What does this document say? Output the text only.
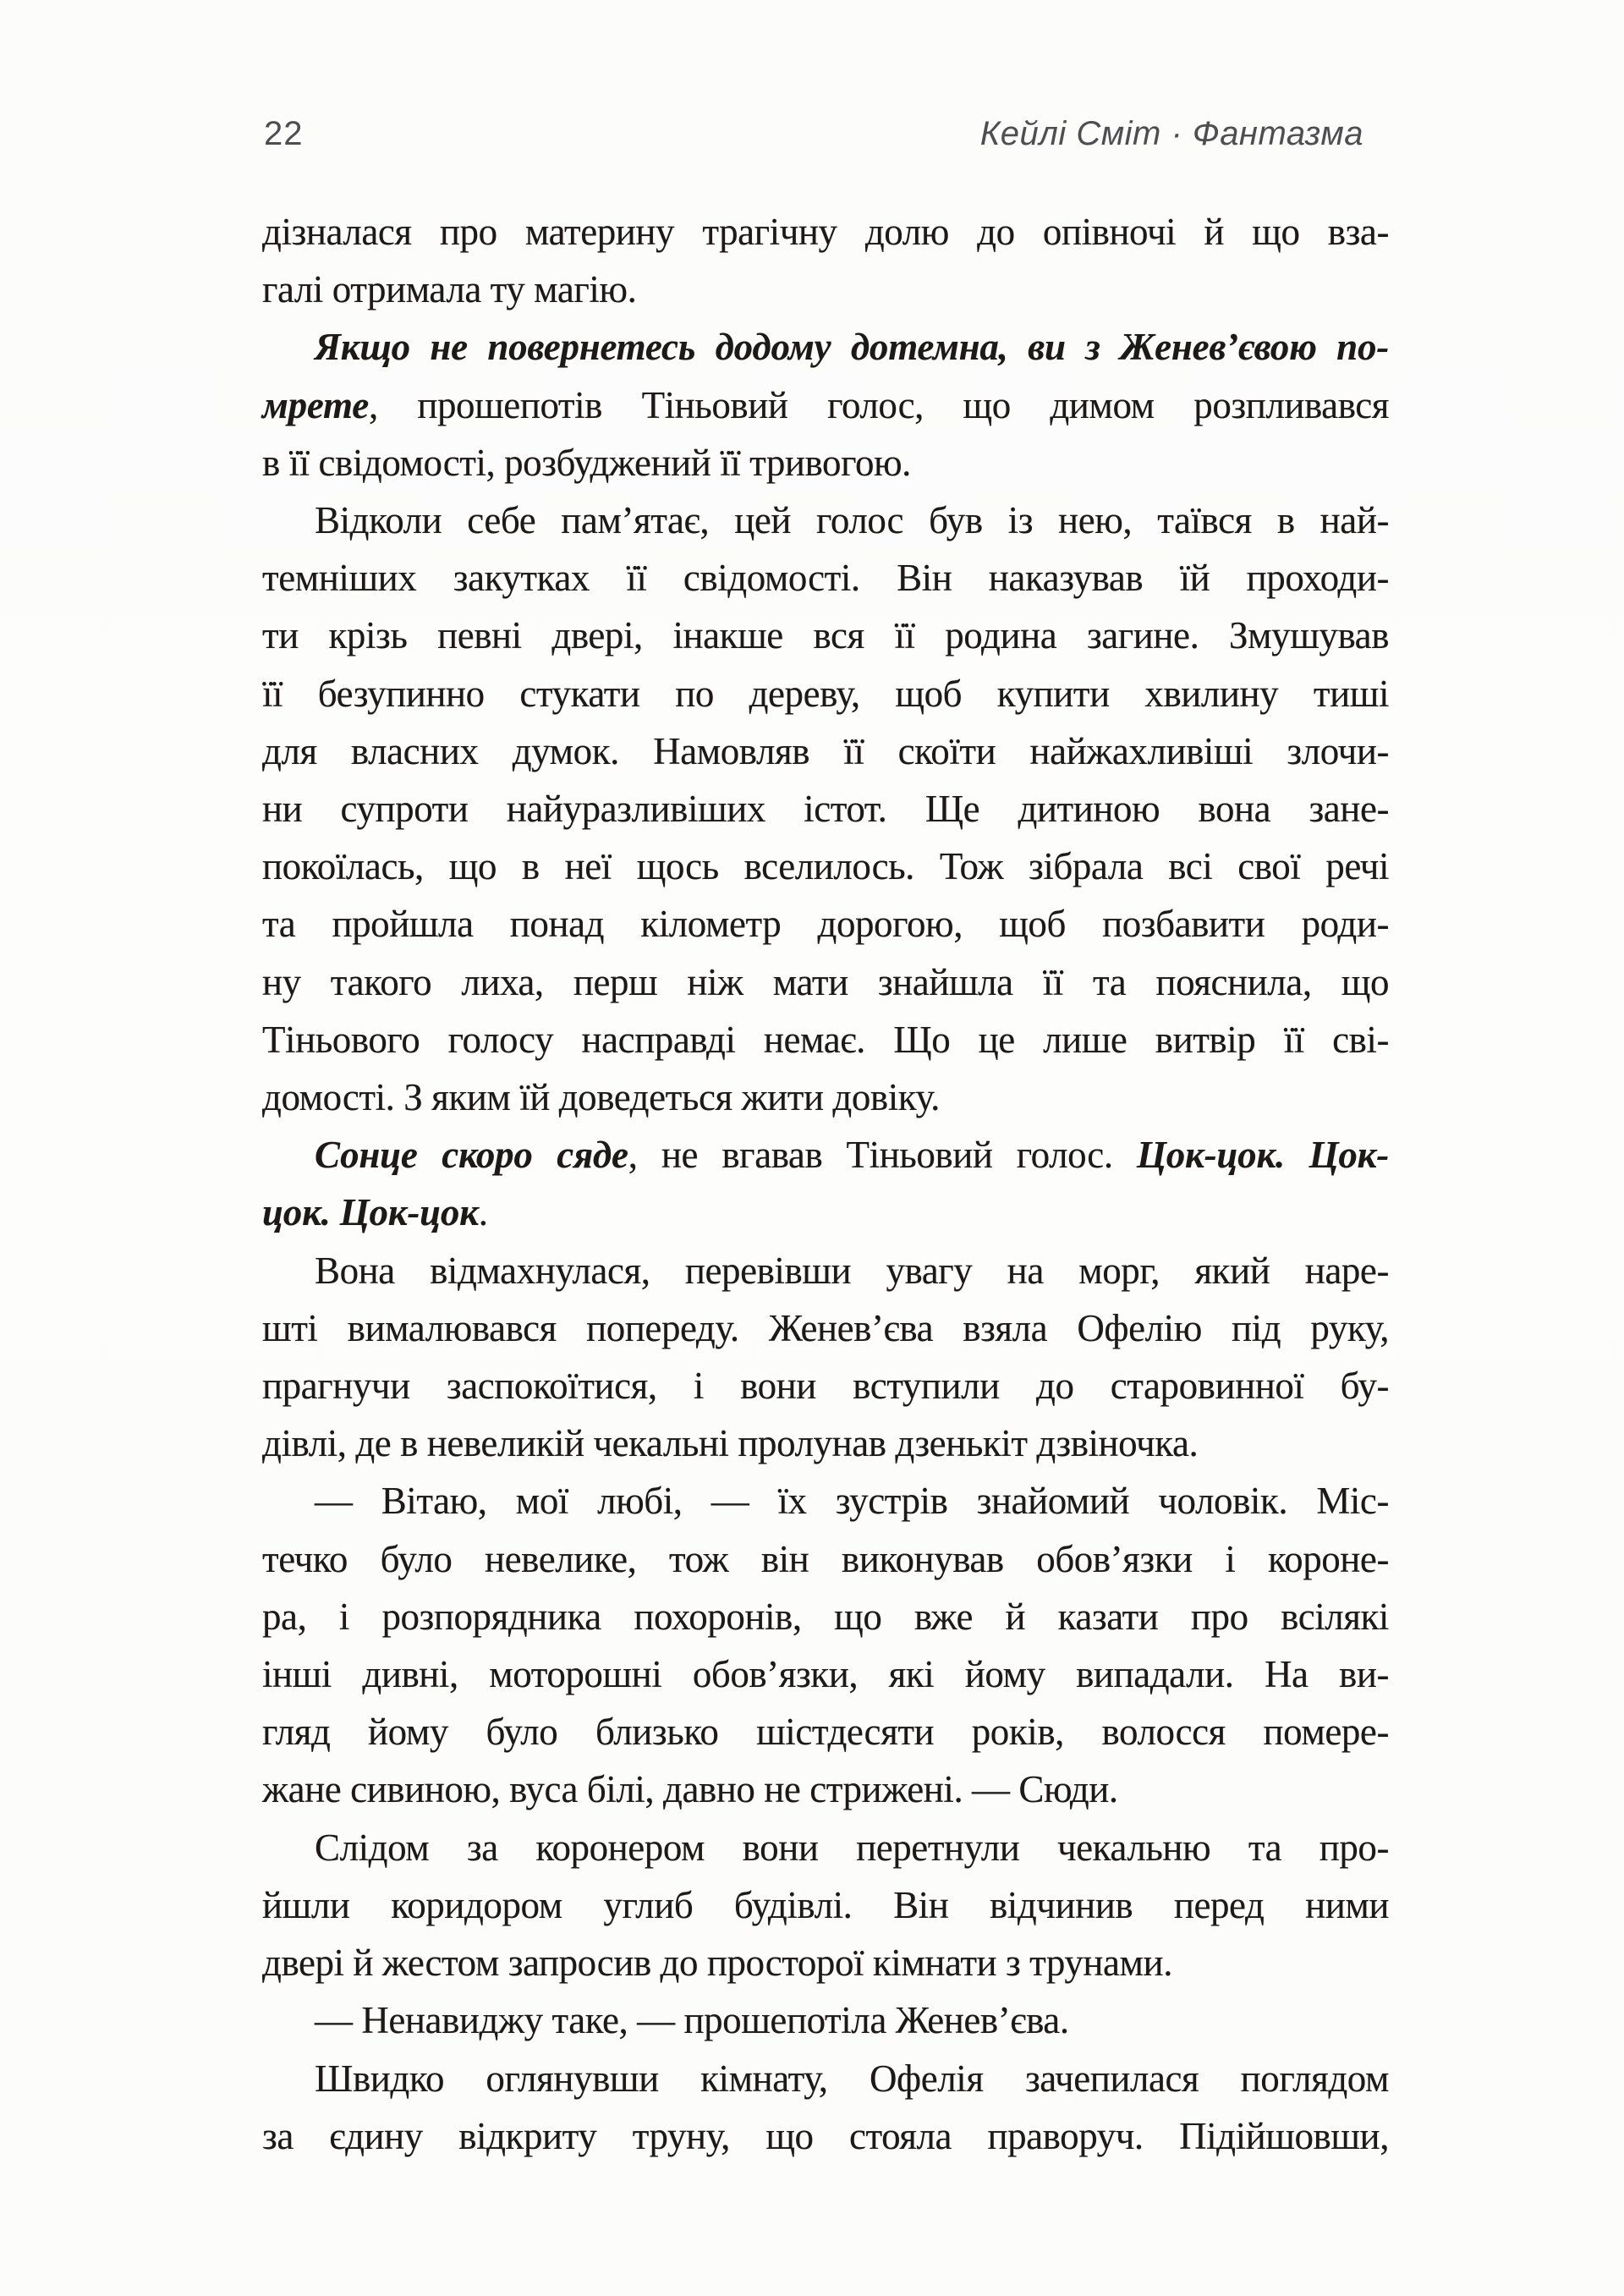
22	Кейлі Сміт · Фантазма
дізналася про материну трагічну долю до опівночі й що вза-
галі отримала ту магію.
Якщо не повернетесь додому дотемна, ви з Женев’євою по-
мрете, прошепотів Тіньовий голос, що димом розпливався
в її свідомості, розбуджений її тривогою.
Відколи себе пам’ятає, цей голос був із нею, таївся в най-
темніших закутках її свідомості. Він наказував їй проходи-
ти крізь певні двері, інакше вся її родина загине. Змушував
її безупинно стукати по дереву, щоб купити хвилину тиші
для власних думок. Намовляв її скоїти найжахливіші злочи-
ни супроти найуразливіших істот. Ще дитиною вона зане-
покоїлась, що в неї щось вселилось. Тож зібрала всі свої речі
та пройшла понад кілометр дорогою, щоб позбавити роди-
ну такого лиха, перш ніж мати знайшла її та пояснила, що
Тіньового голосу насправді немає. Що це лише витвір її сві-
домості. З яким їй доведеться жити довіку.
Сонце скоро сяде, не вгавав Тіньовий голос. Цок-цок. Цок-
цок. Цок-цок.
Вона відмахнулася, перевівши увагу на морг, який наре-
шті вималювався попереду. Женев’єва взяла Офелію під руку,
прагнучи заспокоїтися, і вони вступили до старовинної бу-
дівлі, де в невеликій чекальні пролунав дзенькіт дзвіночка.
— Вітаю, мої любі, — їх зустрів знайомий чоловік. Міс-
течко було невелике, тож він виконував обов’язки і короне-
ра, і розпорядника похоронів, що вже й казати про всілякі
інші дивні, моторошні обов’язки, які йому випадали. На ви-
гляд йому було близько шістдесяти років, волосся помере-
жане сивиною, вуса білі, давно не стрижені. — Сюди.
Слідом за коронером вони перетнули чекальню та про-
йшли коридором углиб будівлі. Він відчинив перед ними
двері й жестом запросив до просторої кімнати з трунами.
— Ненавиджу таке, — прошепотіла Женев’єва.
Швидко оглянувши кімнату, Офелія зачепилася поглядом
за єдину відкриту труну, що стояла праворуч. Підійшовши,
